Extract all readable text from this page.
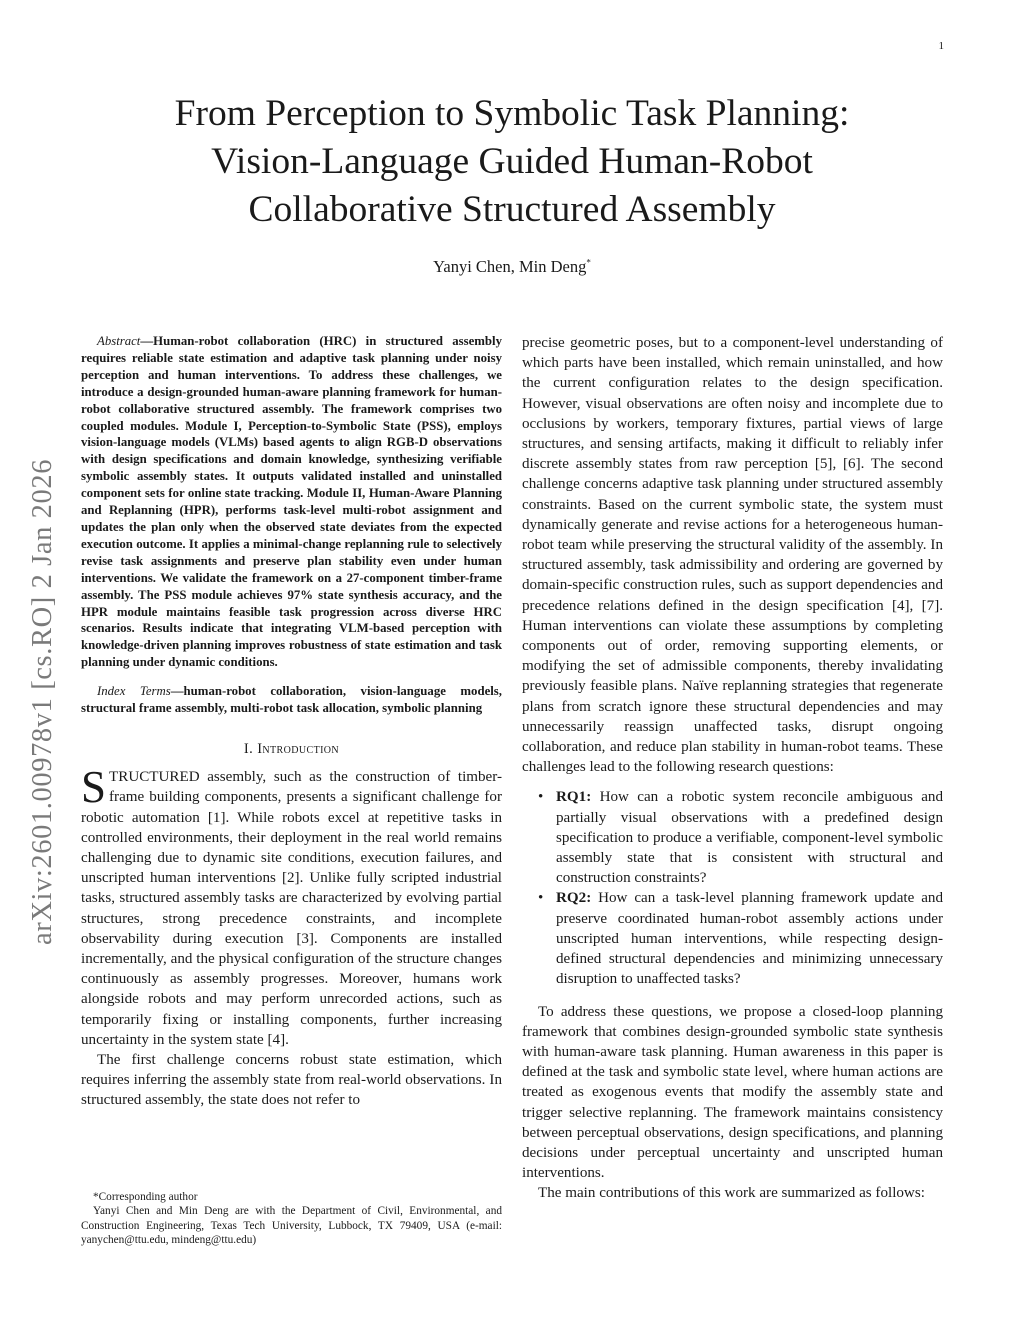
1
arXiv:2601.00978v1 [cs.RO] 2 Jan 2026
From Perception to Symbolic Task Planning:
Vision-Language Guided Human-Robot
Collaborative Structured Assembly
Yanyi Chen, Min Deng*

Abstract—Human-robot collaboration (HRC) in structured assembly requires reliable state estimation and adaptive task planning under noisy perception and human interventions. To address these challenges, we introduce a design-grounded human-aware planning framework for human-robot collaborative structured assembly. The framework comprises two coupled modules. Module I, Perception-to-Symbolic State (PSS), employs vision-language models (VLMs) based agents to align RGB-D observations with design specifications and domain knowledge, synthesizing verifiable symbolic assembly states. It outputs validated installed and uninstalled component sets for online state tracking. Module II, Human-Aware Planning and Replanning (HPR), performs task-level multi-robot assignment and updates the plan only when the observed state deviates from the expected execution outcome. It applies a minimal-change replanning rule to selectively revise task assignments and preserve plan stability even under human interventions. We validate the framework on a 27-component timber-frame assembly. The PSS module achieves 97% state synthesis accuracy, and the HPR module maintains feasible task progression across diverse HRC scenarios. Results indicate that integrating VLM-based perception with knowledge-driven planning improves robustness of state estimation and task planning under dynamic conditions.

Index Terms—human-robot collaboration, vision-language models, structural frame assembly, multi-robot task allocation, symbolic planning

I. Introduction

STRUCTURED assembly, such as the construction of timber-frame building components, presents a significant challenge for robotic automation [1]. While robots excel at repetitive tasks in controlled environments, their deployment in the real world remains challenging due to dynamic site conditions, execution failures, and unscripted human interventions [2]. Unlike fully scripted industrial tasks, structured assembly tasks are characterized by evolving partial structures, strong precedence constraints, and incomplete observability during execution [3]. Components are installed incrementally, and the physical configuration of the structure changes continuously as assembly progresses. Moreover, humans work alongside robots and may perform unrecorded actions, such as temporarily fixing or installing components, further increasing uncertainty in the system state [4].

The first challenge concerns robust state estimation, which requires inferring the assembly state from real-world observations. In structured assembly, the state does not refer to

*Corresponding author

Yanyi Chen and Min Deng are with the Department of Civil, Environmental, and Construction Engineering, Texas Tech University, Lubbock, TX 79409, USA (e-mail: yanychen@ttu.edu, mindeng@ttu.edu)

precise geometric poses, but to a component-level understanding of which parts have been installed, which remain uninstalled, and how the current configuration relates to the design specification. However, visual observations are often noisy and incomplete due to occlusions by workers, temporary fixtures, partial views of large structures, and sensing artifacts, making it difficult to reliably infer discrete assembly states from raw perception [5], [6]. The second challenge concerns adaptive task planning under structured assembly constraints. Based on the current symbolic state, the system must dynamically generate and revise actions for a heterogeneous human-robot team while preserving the structural validity of the assembly. In structured assembly, task admissibility and ordering are governed by domain-specific construction rules, such as support dependencies and precedence relations defined in the design specification [4], [7]. Human interventions can violate these assumptions by completing components out of order, removing supporting elements, or modifying the set of admissible components, thereby invalidating previously feasible plans. Naïve replanning strategies that regenerate plans from scratch ignore these structural dependencies and may unnecessarily reassign unaffected tasks, disrupt ongoing collaboration, and reduce plan stability in human-robot teams. These challenges lead to the following research questions:

• RQ1: How can a robotic system reconcile ambiguous and partially visual observations with a predefined design specification to produce a verifiable, component-level symbolic assembly state that is consistent with structural and construction constraints?
• RQ2: How can a task-level planning framework update and preserve coordinated human-robot assembly actions under unscripted human interventions, while respecting design-defined structural dependencies and minimizing unnecessary disruption to unaffected tasks?

To address these questions, we propose a closed-loop planning framework that combines design-grounded symbolic state synthesis with human-aware task planning. Human awareness in this paper is defined at the task and symbolic state level, where human actions are treated as exogenous events that modify the assembly state and trigger selective replanning. The framework maintains consistency between perceptual observations, design specifications, and planning decisions under perceptual uncertainty and unscripted human interventions.

The main contributions of this work are summarized as follows:
